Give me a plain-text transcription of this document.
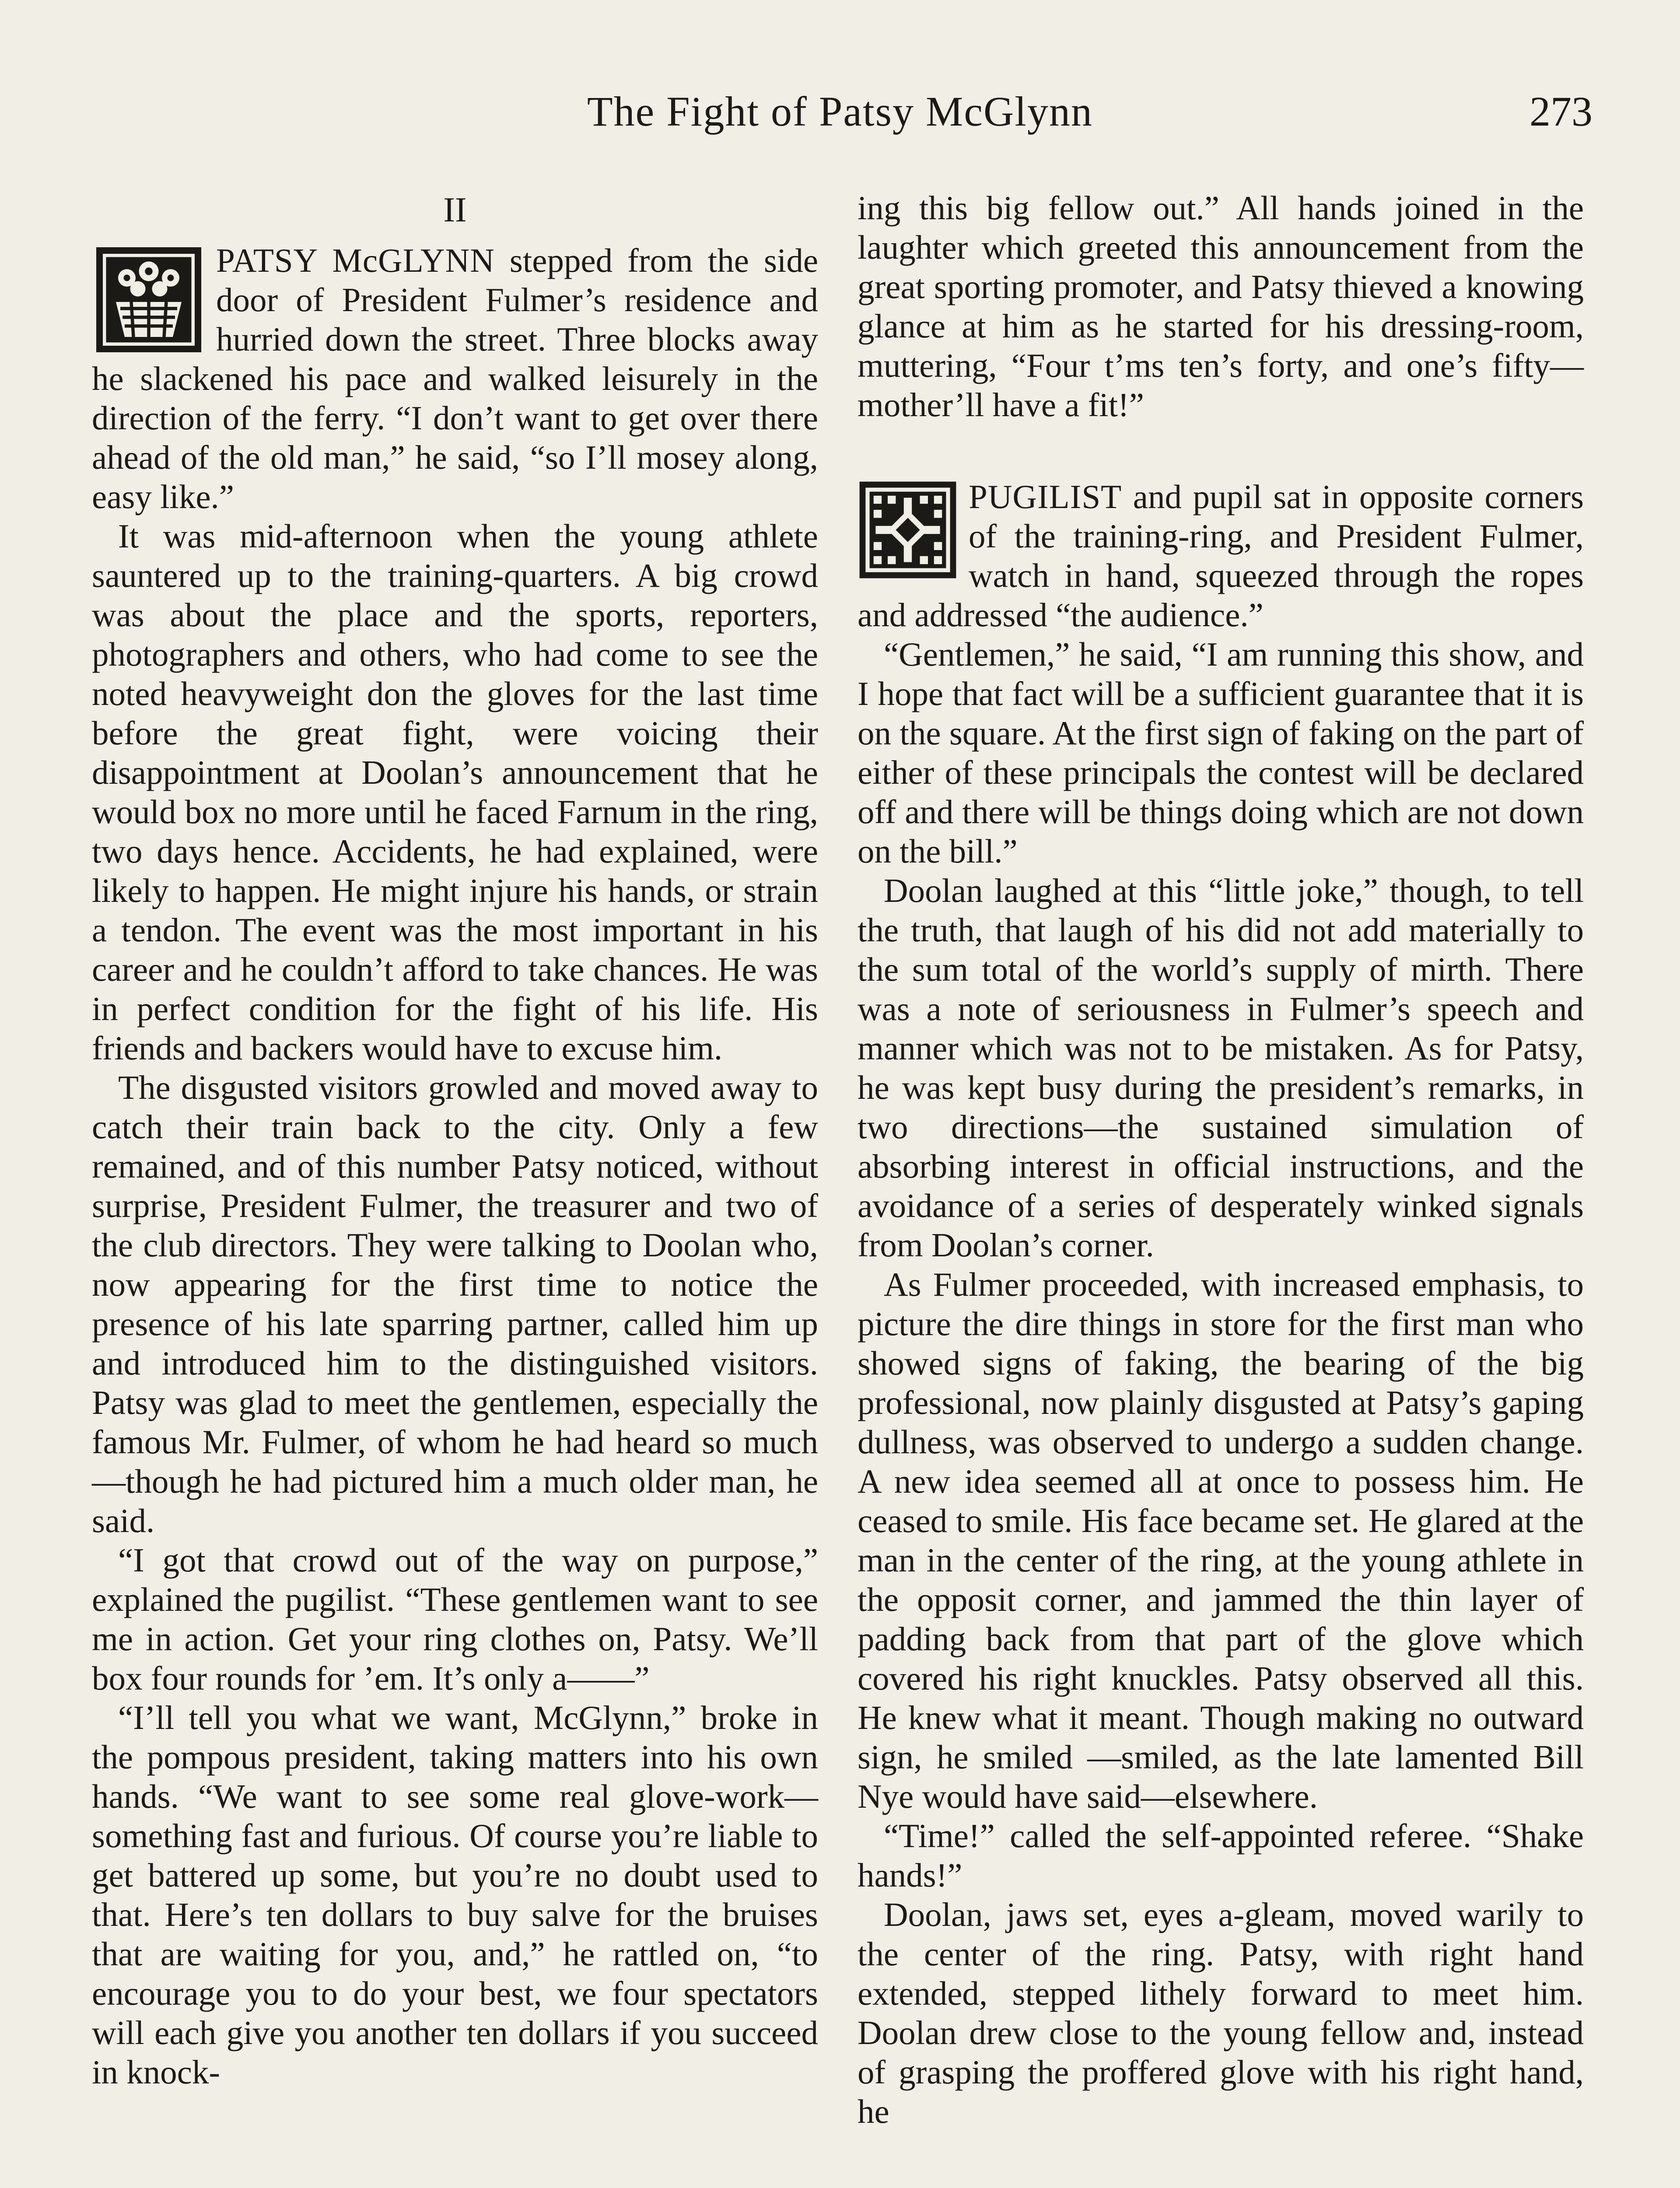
The Fight of Patsy McGlynn	273
II

PATSY McGLYNN stepped from the side door of President Fulmer’s residence and hurried down the street. Three blocks away he slackened his pace and walked leisurely in the direction of the ferry. “I don’t want to get over there ahead of the old man,” he said, “so I’ll mosey along, easy like.”

It was mid-afternoon when the young athlete sauntered up to the training-quarters. A big crowd was about the place and the sports, reporters, photographers and others, who had come to see the noted heavyweight don the gloves for the last time before the great fight, were voicing their disappointment at Doolan’s announcement that he would box no more until he faced Farnum in the ring, two days hence. Accidents, he had explained, were likely to happen. He might injure his hands, or strain a tendon. The event was the most important in his career and he couldn’t afford to take chances. He was in perfect condition for the fight of his life. His friends and backers would have to excuse him.

The disgusted visitors growled and moved away to catch their train back to the city. Only a few remained, and of this number Patsy noticed, without surprise, President Fulmer, the treasurer and two of the club directors. They were talking to Doolan who, now appearing for the first time to notice the presence of his late sparring partner, called him up and introduced him to the distinguished visitors. Patsy was glad to meet the gentlemen, especially the famous Mr. Fulmer, of whom he had heard so much —though he had pictured him a much older man, he said.

“I got that crowd out of the way on purpose,” explained the pugilist. “These gentlemen want to see me in action. Get your ring clothes on, Patsy. We’ll box four rounds for ’em. It’s only a——”

“I’ll tell you what we want, McGlynn,” broke in the pompous president, taking matters into his own hands. “We want to see some real glove-work—something fast and furious. Of course you’re liable to get battered up some, but you’re no doubt used to that. Here’s ten dollars to buy salve for the bruises that are waiting for you, and,” he rattled on, “to encourage you to do your best, we four spectators will each give you another ten dollars if you succeed in knock-

ing this big fellow out.” All hands joined in the laughter which greeted this announcement from the great sporting promoter, and Patsy thieved a knowing glance at him as he started for his dressing-room, muttering, “Four t’ms ten’s forty, and one’s fifty— mother’ll have a fit!”

PUGILIST and pupil sat in opposite corners of the training-ring, and President Fulmer, watch in hand, squeezed through the ropes and addressed “the audience.”

“Gentlemen,” he said, “I am running this show, and I hope that fact will be a sufficient guarantee that it is on the square. At the first sign of faking on the part of either of these principals the contest will be declared off and there will be things doing which are not down on the bill.”

Doolan laughed at this “little joke,” though, to tell the truth, that laugh of his did not add materially to the sum total of the world’s supply of mirth. There was a note of seriousness in Fulmer’s speech and manner which was not to be mistaken. As for Patsy, he was kept busy during the president’s remarks, in two directions—the sustained simulation of absorbing interest in official instructions, and the avoidance of a series of desperately winked signals from Doolan’s corner.

As Fulmer proceeded, with increased emphasis, to picture the dire things in store for the first man who showed signs of faking, the bearing of the big professional, now plainly disgusted at Patsy’s gaping dullness, was observed to undergo a sudden change. A new idea seemed all at once to possess him. He ceased to smile. His face became set. He glared at the man in the center of the ring, at the young athlete in the opposit corner, and jammed the thin layer of padding back from that part of the glove which covered his right knuckles. Patsy observed all this. He knew what it meant. Though making no outward sign, he smiled —smiled, as the late lamented Bill Nye would have said—elsewhere.

“Time!” called the self-appointed referee. “Shake hands!”

Doolan, jaws set, eyes a-gleam, moved warily to the center of the ring. Patsy, with right hand extended, stepped lithely forward to meet him. Doolan drew close to the young fellow and, instead of grasping the proffered glove with his right hand, he
